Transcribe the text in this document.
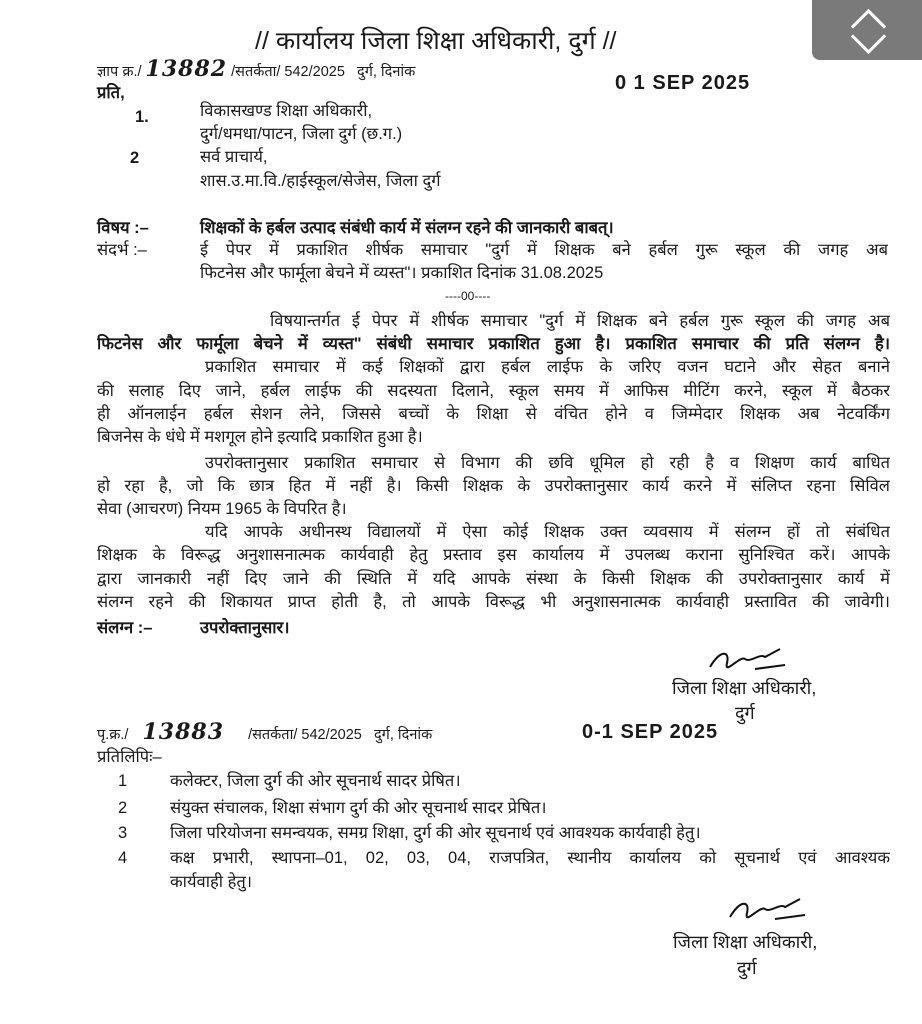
// कार्यालय जिला शिक्षा अधिकारी, दुर्ग //
ज्ञाप क्र./ 13882 /सतर्कता/ 542/2025   दुर्ग, दिनांक	0 1 SEP 2025
प्रति,
1.	विकासखण्ड शिक्षा अधिकारी,
दुर्ग/धमधा/पाटन, जिला दुर्ग (छ.ग.)
2	सर्व प्राचार्य,
शास.उ.मा.वि./हाईस्कूल/सेजेस, जिला दुर्ग
विषय :–	शिक्षकों के हर्बल उत्पाद संबंधी कार्य में संलग्न रहने की जानकारी बाबत्।
संदर्भ :–	ई पेपर में प्रकाशित शीर्षक समाचार "दुर्ग में शिक्षक बने हर्बल गुरू स्कूल की जगह अब
फिटनेस और फार्मूला बेचने में व्यस्त"। प्रकाशित दिनांक 31.08.2025
----00----
विषयान्तर्गत ई पेपर में शीर्षक समाचार "दुर्ग में शिक्षक बने हर्बल गुरू स्कूल की जगह अब
फिटनेस और फार्मूला बेचने में व्यस्त" संबंधी समाचार प्रकाशित हुआ है। प्रकाशित समाचार की प्रति संलग्न है।
प्रकाशित समाचार में कई शिक्षकों द्वारा हर्बल लाईफ के जरिए वजन घटाने और सेहत बनाने
की सलाह दिए जाने, हर्बल लाईफ की सदस्यता दिलाने, स्कूल समय में आफिस मीटिंग करने, स्कूल में बैठकर
ही ऑनलाईन हर्बल सेशन लेने, जिससे बच्चों के शिक्षा से वंचित होने व जिम्मेदार शिक्षक अब नेटवर्किंग
बिजनेस के धंधे में मशगूल होने इत्यादि प्रकाशित हुआ है।
उपरोक्तानुसार प्रकाशित समाचार से विभाग की छवि धूमिल हो रही है व शिक्षण कार्य बाधित
हो रहा है, जो कि छात्र हित में नहीं है। किसी शिक्षक के उपरोक्तानुसार कार्य करने में संलिप्त रहना सिविल
सेवा (आचरण) नियम 1965 के विपरित है।
यदि आपके अधीनस्थ विद्यालयों में ऐसा कोई शिक्षक उक्त व्यवसाय में संलग्न हों तो संबंधित
शिक्षक के विरूद्ध अनुशासनात्मक कार्यवाही हेतु प्रस्ताव इस कार्यालय में उपलब्ध कराना सुनिश्चित करें। आपके
द्वारा जानकारी नहीं दिए जाने की स्थिति में यदि आपके संस्था के किसी शिक्षक की उपरोक्तानुसार कार्य में
संलग्न रहने की शिकायत प्राप्त होती है, तो आपके विरूद्ध भी अनुशासनात्मक कार्यवाही प्रस्तावित की जावेगी।
संलग्न :–	उपरोक्तानुसार।
जिला शिक्षा अधिकारी,
दुर्ग
पृ.क्र./ 13883 /सतर्कता/ 542/2025   दुर्ग, दिनांक	0-1 SEP 2025
प्रतिलिपिः–
1	कलेक्टर, जिला दुर्ग की ओर सूचनार्थ सादर प्रेषित।
2	संयुक्त संचालक, शिक्षा संभाग दुर्ग की ओर सूचनार्थ सादर प्रेषित।
3	जिला परियोजना समन्वयक, समग्र शिक्षा, दुर्ग की ओर सूचनार्थ एवं आवश्यक कार्यवाही हेतु।
4	कक्ष प्रभारी, स्थापना–01, 02, 03, 04, राजपत्रित, स्थानीय कार्यालय को सूचनार्थ एवं आवश्यक
कार्यवाही हेतु।
जिला शिक्षा अधिकारी,
दुर्ग
